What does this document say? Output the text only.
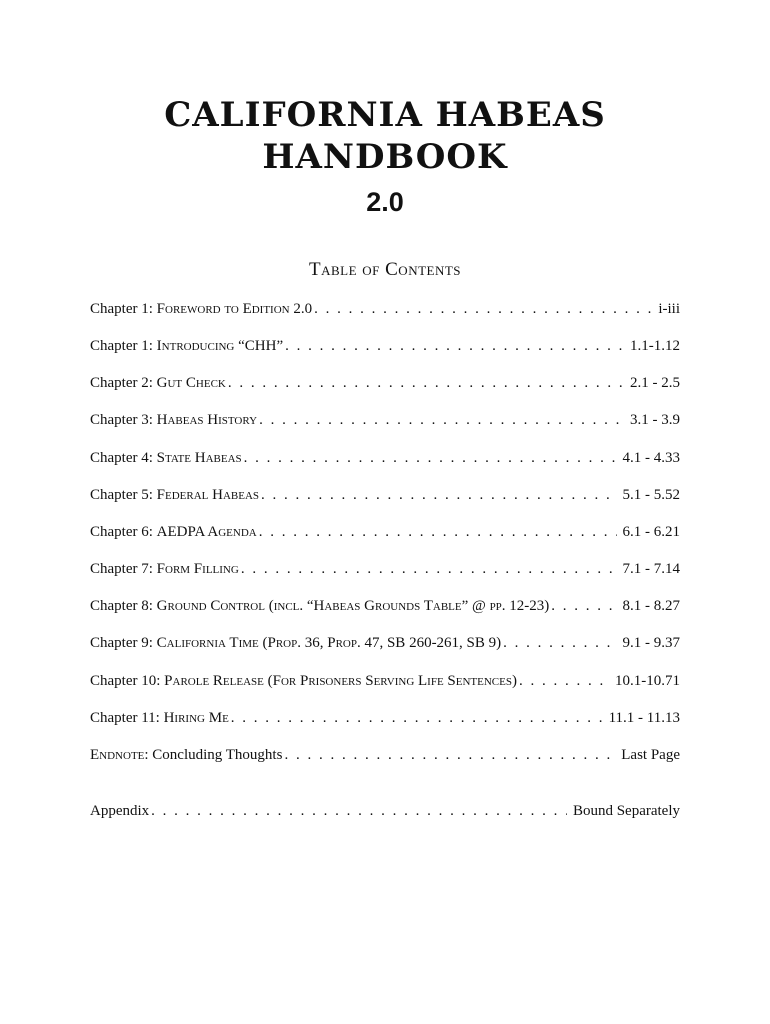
CALIFORNIA HABEAS
HANDBOOK
2.0
Table of Contents
Chapter 1: Foreword to Edition 2.0 . . .	i-iii
Chapter 1: Introducing “CHH” . . .	1.1-1.12
Chapter 2: Gut Check . . .	2.1 - 2.5
Chapter 3: Habeas History . . .	3.1 - 3.9
Chapter 4: State Habeas . . .	4.1 - 4.33
Chapter 5: Federal Habeas . . .	5.1 - 5.52
Chapter 6: AEDPA Agenda . . .	6.1 - 6.21
Chapter 7: Form Filling . . .	7.1 - 7.14
Chapter 8: Ground Control (incl. “Habeas Grounds Table” @ pp. 12-23) . . .	8.1 - 8.27
Chapter 9: California Time (Prop. 36, Prop. 47, SB 260-261, SB 9) . . .	9.1 - 9.37
Chapter 10: Parole Release (For Prisoners Serving Life Sentences) . . .	10.1-10.71
Chapter 11: Hiring Me . . .	11.1 - 11.13
Endnote: Concluding Thoughts . . .	Last Page
Appendix . . .	Bound Separately
